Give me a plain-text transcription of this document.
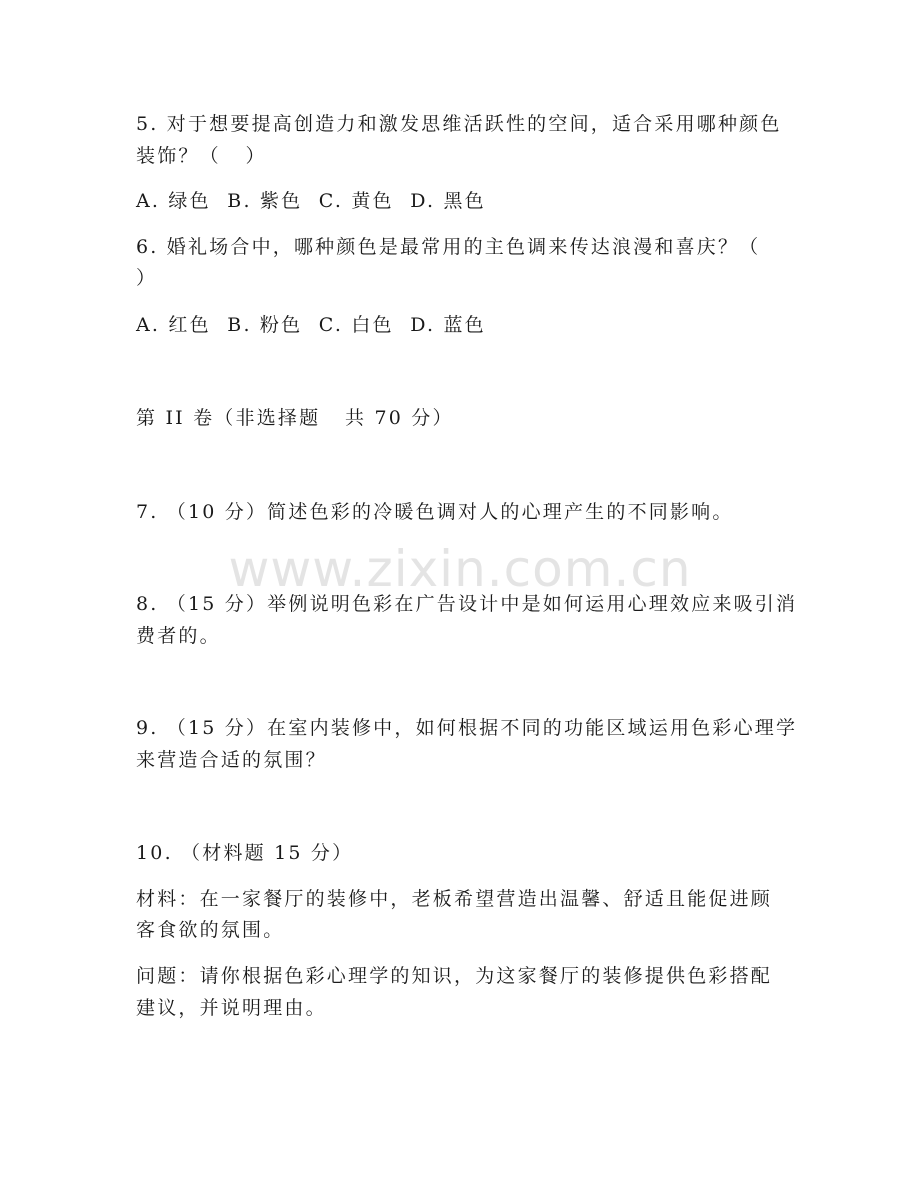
www.zixin.com.cn
5. 对于想要提高创造力和激发思维活跃性的空间，适合采用哪种颜色
装饰？（   ）
A. 绿色  B. 紫色  C. 黄色  D. 黑色
6. 婚礼场合中，哪种颜色是最常用的主色调来传达浪漫和喜庆？（
）
A. 红色  B. 粉色  C. 白色  D. 蓝色
第 II 卷（非选择题   共 70 分）
7. （10 分）简述色彩的冷暖色调对人的心理产生的不同影响。
8. （15 分）举例说明色彩在广告设计中是如何运用心理效应来吸引消
费者的。
9. （15 分）在室内装修中，如何根据不同的功能区域运用色彩心理学
来营造合适的氛围？
10. （材料题 15 分）
材料：在一家餐厅的装修中，老板希望营造出温馨、舒适且能促进顾
客食欲的氛围。
问题：请你根据色彩心理学的知识，为这家餐厅的装修提供色彩搭配
建议，并说明理由。
